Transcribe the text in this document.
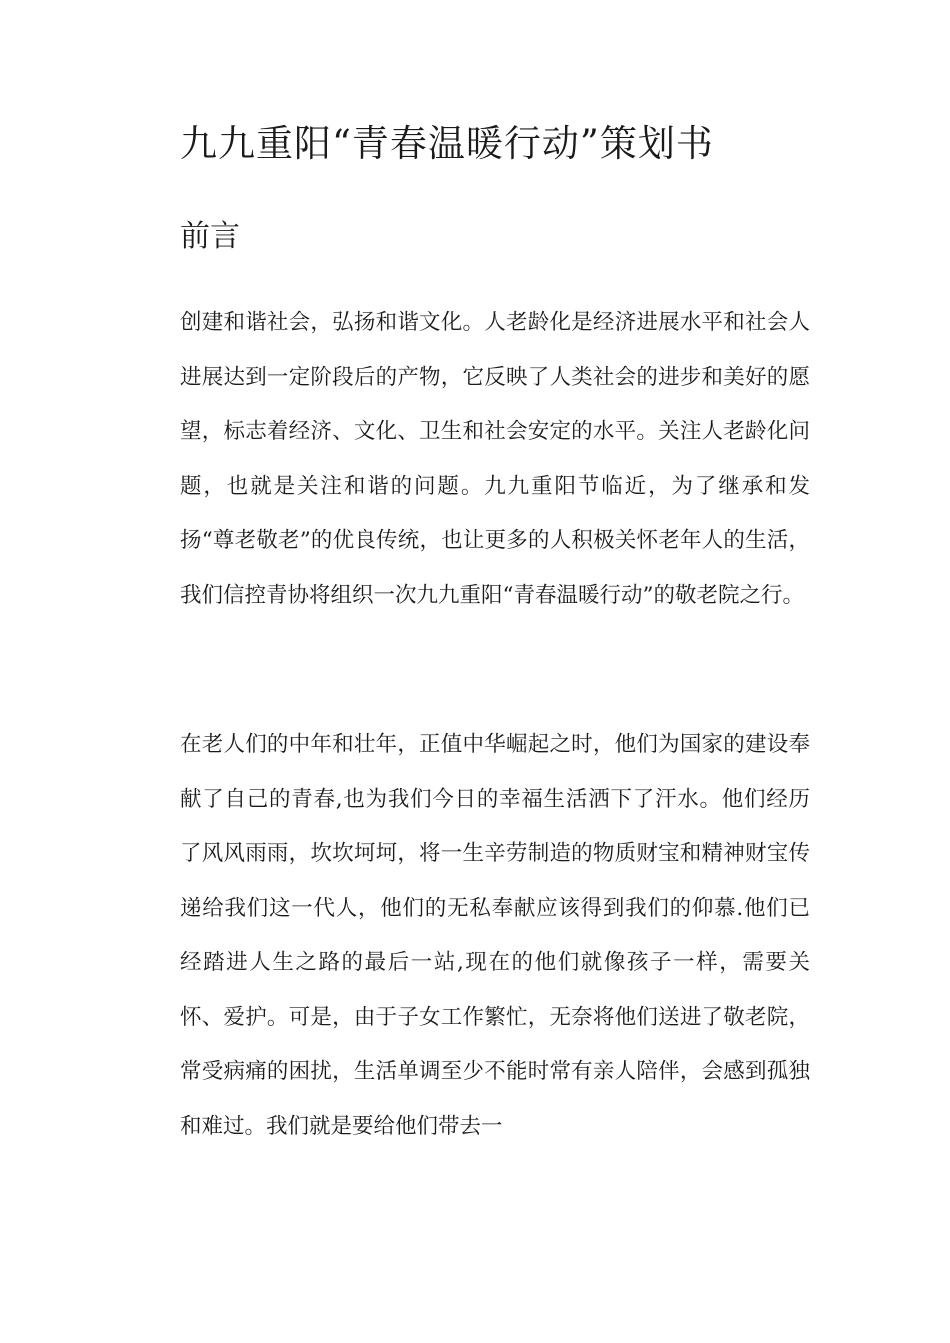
九九重阳“青春温暖行动”策划书
前言

创建和谐社会，弘扬和谐文化。人老龄化是经济进展水平和社会人进展达到一定阶段后的产物，它反映了人类社会的进步和美好的愿望，标志着经济、文化、卫生和社会安定的水平。关注人老龄化问题，也就是关注和谐的问题。九九重阳节临近，为了继承和发扬“尊老敬老”的优良传统，也让更多的人积极关怀老年人的生活，我们信控青协将组织一次九九重阳“青春温暖行动”的敬老院之行。

在老人们的中年和壮年，正值中华崛起之时，他们为国家的建设奉献了自己的青春,也为我们今日的幸福生活洒下了汗水。他们经历了风风雨雨，坎坎坷坷，将一生辛劳制造的物质财宝和精神财宝传递给我们这一代人，他们的无私奉献应该得到我们的仰慕.他们已经踏进人生之路的最后一站,现在的他们就像孩子一样，需要关怀、爱护。可是，由于子女工作繁忙，无奈将他们送进了敬老院，常受病痛的困扰，生活单调至少不能时常有亲人陪伴，会感到孤独和难过。我们就是要给他们带去一
